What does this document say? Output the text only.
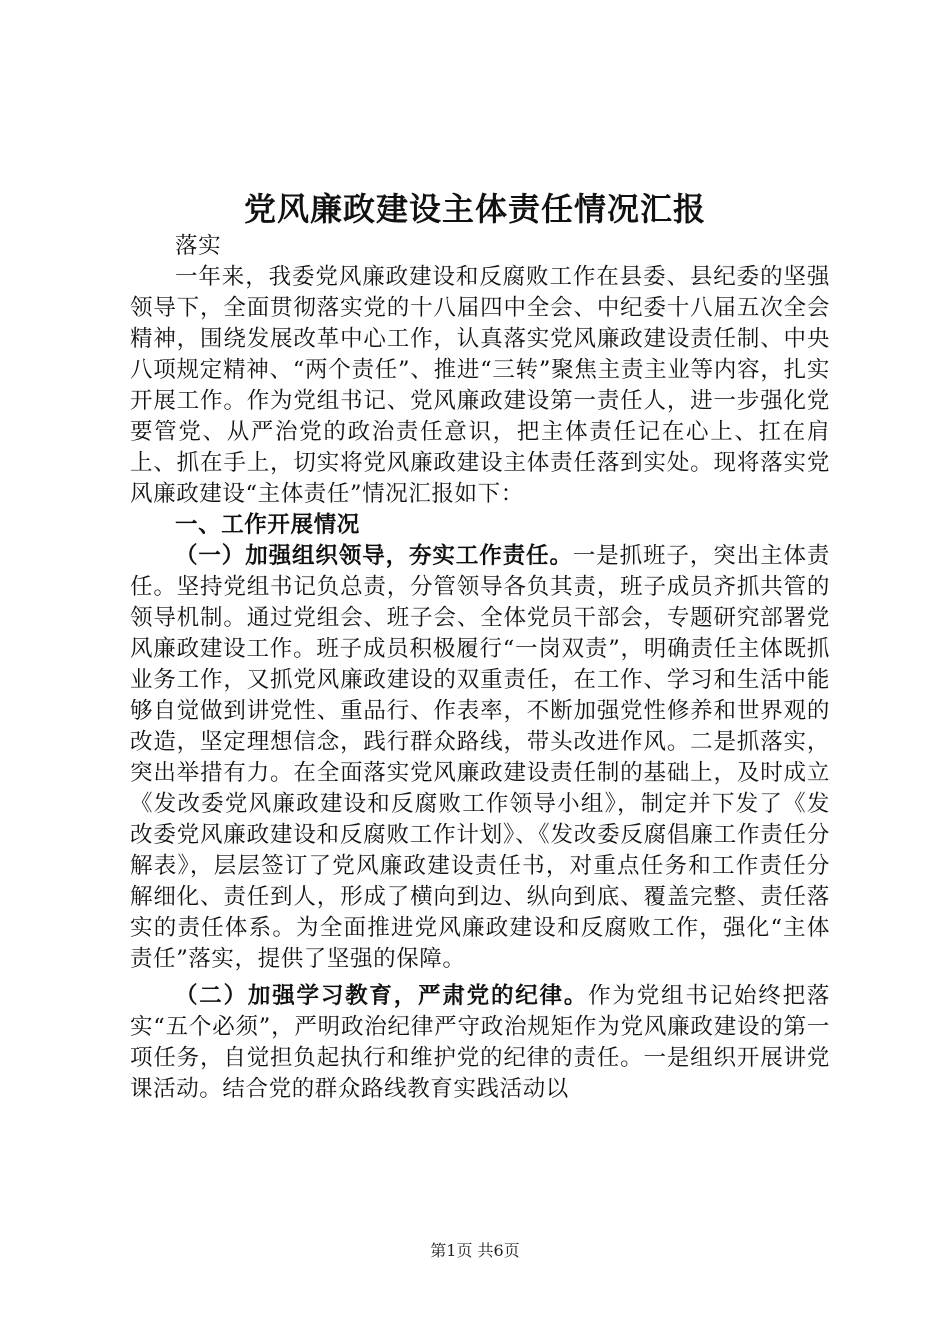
党风廉政建设主体责任情况汇报

落实

一年来，我委党风廉政建设和反腐败工作在县委、县纪委的坚强领导下，全面贯彻落实党的十八届四中全会、中纪委十八届五次全会精神，围绕发展改革中心工作，认真落实党风廉政建设责任制、中央八项规定精神、“两个责任”、推进“三转”聚焦主责主业等内容，扎实开展工作。作为党组书记、党风廉政建设第一责任人，进一步强化党要管党、从严治党的政治责任意识，把主体责任记在心上、扛在肩上、抓在手上，切实将党风廉政建设主体责任落到实处。现将落实党风廉政建设“主体责任”情况汇报如下：

一、工作开展情况

（一）加强组织领导，夯实工作责任。一是抓班子，突出主体责任。坚持党组书记负总责，分管领导各负其责，班子成员齐抓共管的领导机制。通过党组会、班子会、全体党员干部会，专题研究部署党风廉政建设工作。班子成员积极履行“一岗双责”，明确责任主体既抓业务工作，又抓党风廉政建设的双重责任，在工作、学习和生活中能够自觉做到讲党性、重品行、作表率，不断加强党性修养和世界观的改造，坚定理想信念，践行群众路线，带头改进作风。二是抓落实，突出举措有力。在全面落实党风廉政建设责任制的基础上，及时成立《发改委党风廉政建设和反腐败工作领导小组》，制定并下发了《发改委党风廉政建设和反腐败工作计划》、《发改委反腐倡廉工作责任分解表》，层层签订了党风廉政建设责任书，对重点任务和工作责任分解细化、责任到人，形成了横向到边、纵向到底、覆盖完整、责任落实的责任体系。为全面推进党风廉政建设和反腐败工作，强化“主体责任”落实，提供了坚强的保障。

（二）加强学习教育，严肃党的纪律。作为党组书记始终把落实“五个必须”，严明政治纪律严守政治规矩作为党风廉政建设的第一项任务，自觉担负起执行和维护党的纪律的责任。一是组织开展讲党课活动。结合党的群众路线教育实践活动以

第1页 共6页
